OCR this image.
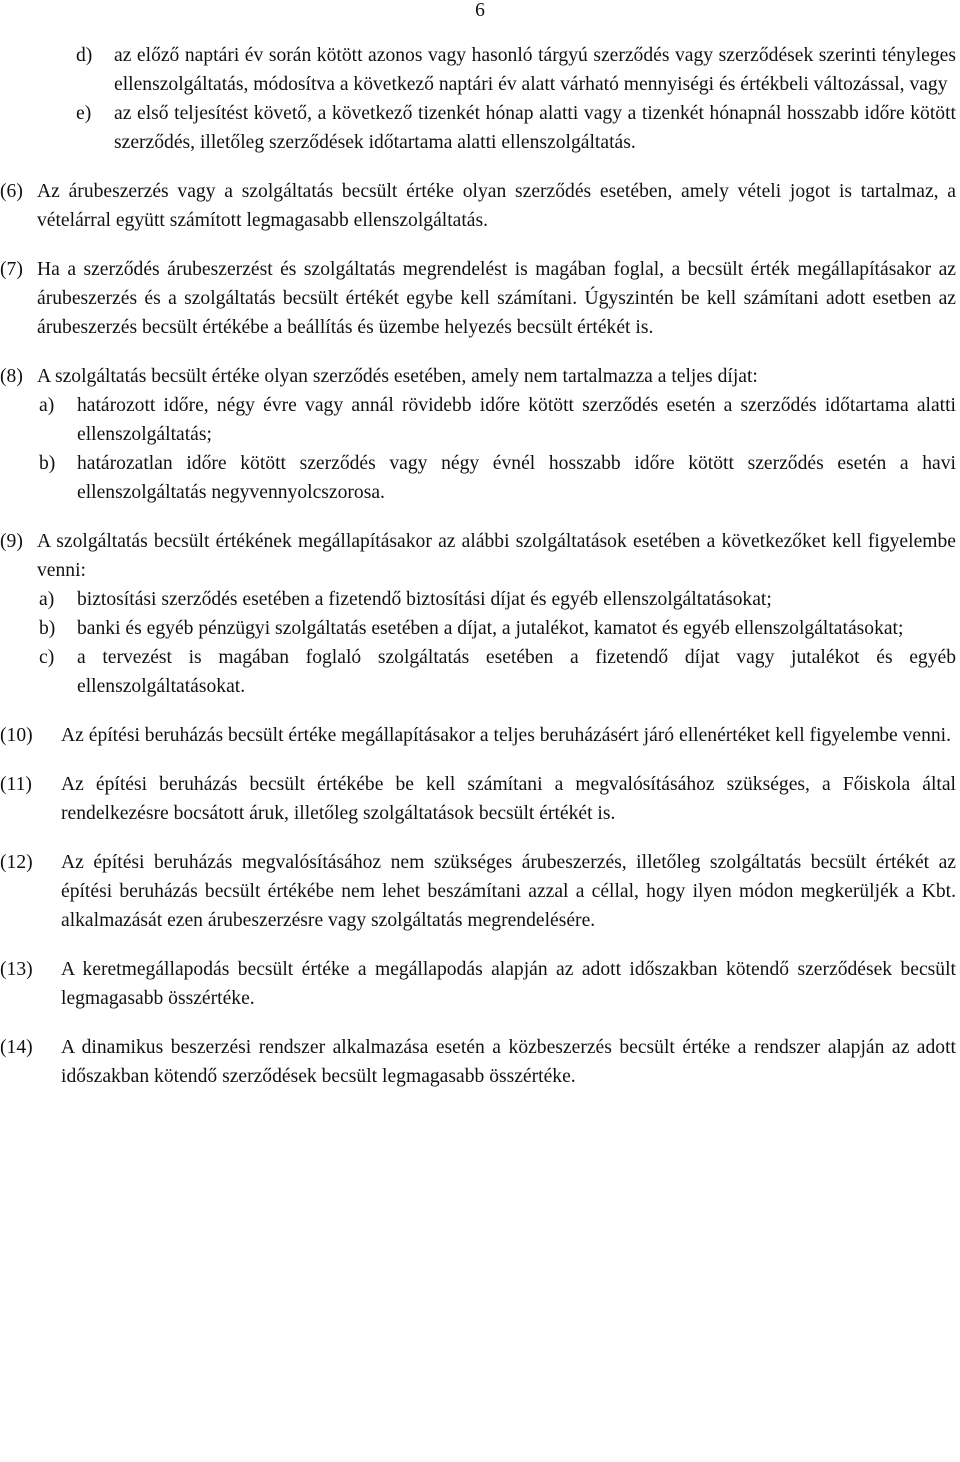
6
d)	az előző naptári év során kötött azonos vagy hasonló tárgyú szerződés vagy szerződések szerinti tényleges ellenszolgáltatás, módosítva a következő naptári év alatt várható mennyiségi és értékbeli változással, vagy
e)	az első teljesítést követő, a következő tizenkét hónap alatti vagy a tizenkét hónapnál hosszabb időre kötött szerződés, illetőleg szerződések időtartama alatti ellenszolgáltatás.
(6) Az árubeszerzés vagy a szolgáltatás becsült értéke olyan szerződés esetében, amely vételi jogot is tartalmaz, a vételárral együtt számított legmagasabb ellenszolgáltatás.
(7) Ha a szerződés árubeszerzést és szolgáltatás megrendelést is magában foglal, a becsült érték megállapításakor az árubeszerzés és a szolgáltatás becsült értékét egybe kell számítani. Úgyszintén be kell számítani adott esetben az árubeszerzés becsült értékébe a beállítás és üzembe helyezés becsült értékét is.
(8) A szolgáltatás becsült értéke olyan szerződés esetében, amely nem tartalmazza a teljes díjat:
a)	határozott időre, négy évre vagy annál rövidebb időre kötött szerződés esetén a szerződés időtartama alatti ellenszolgáltatás;
b)	határozatlan időre kötött szerződés vagy négy évnél hosszabb időre kötött szerződés esetén a havi ellenszolgáltatás negyvennyolcszorosa.
(9) A szolgáltatás becsült értékének megállapításakor az alábbi szolgáltatások esetében a következőket kell figyelembe venni:
a)	biztosítási szerződés esetében a fizetendő biztosítási díjat és egyéb ellenszolgáltatásokat;
b)	banki és egyéb pénzügyi szolgáltatás esetében a díjat, a jutalékot, kamatot és egyéb ellenszolgáltatásokat;
c)	a tervezést is magában foglaló szolgáltatás esetében a fizetendő díjat vagy jutalékot és egyéb ellenszolgáltatásokat.
(10)	Az építési beruházás becsült értéke megállapításakor a teljes beruházásért járó ellenértéket kell figyelembe venni.
(11)	Az építési beruházás becsült értékébe be kell számítani a megvalósításához szükséges, a Főiskola által rendelkezésre bocsátott áruk, illetőleg szolgáltatások becsült értékét is.
(12)	Az építési beruházás megvalósításához nem szükséges árubeszerzés, illetőleg szolgáltatás becsült értékét az építési beruházás becsült értékébe nem lehet beszámítani azzal a céllal, hogy ilyen módon megkerüljék a Kbt. alkalmazását ezen árubeszerzésre vagy szolgáltatás megrendelésére.
(13)	A keretmegállapodás becsült értéke a megállapodás alapján az adott időszakban kötendő szerződések becsült legmagasabb összértéke.
(14)	A dinamikus beszerzési rendszer alkalmazása esetén a közbeszerzés becsült értéke a rendszer alapján az adott időszakban kötendő szerződések becsült legmagasabb összértéke.
